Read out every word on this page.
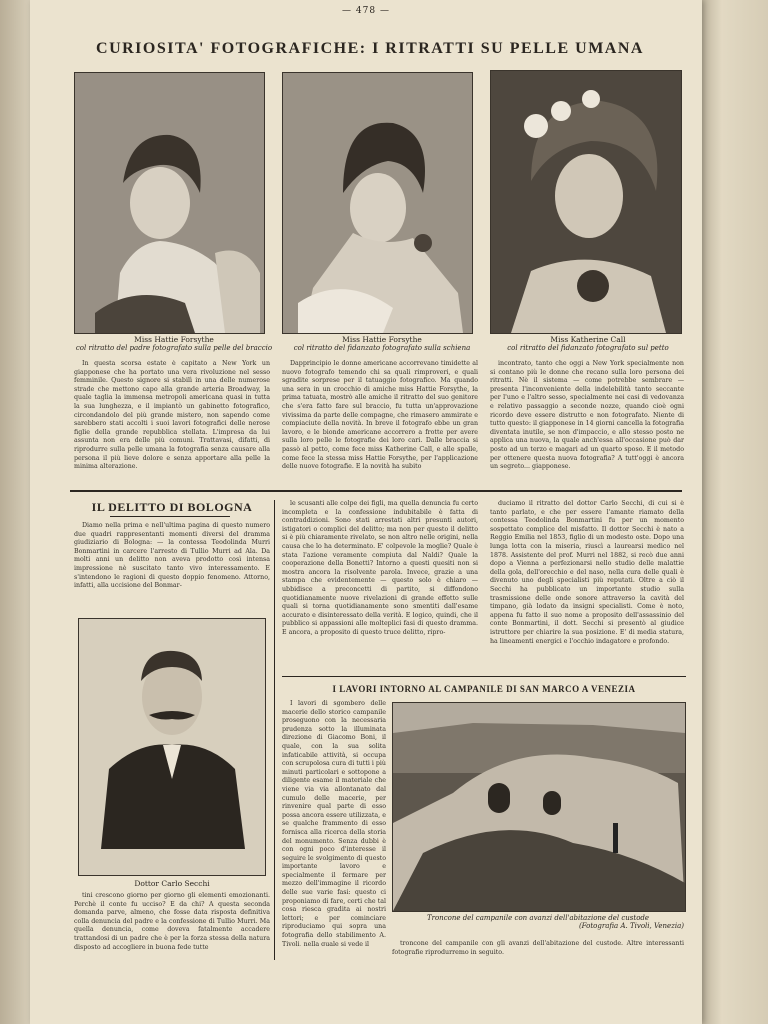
— 478 —
CURIOSITA' FOTOGRAFICHE: I RITRATTI SU PELLE UMANA
Miss Hattie Forsythe
col ritratto del padre fotografato sulla pelle del braccio
Miss Hattie Forsythe
col ritratto del fidanzato fotografato sulla schiena
Miss Katherine Call
col ritratto del fidanzato fotografato sul petto

In questa scorsa estate è capitato a New York un giapponese che ha portato una vera rivoluzione nel sesso femminile. Questo signore si stabilì in una delle numerose strade che mettono capo alla grande arteria Broadway, la quale taglia la immensa metropoli americana quasi in tutta la sua lunghezza, e il impiantò un gabinetto fotografico, circondandolo del più grande mistero, non sapendo come sarebbero stati accolti i suoi lavori fotografici delle nerose figlie della grande repubblica stellata. L'impresa da lui assunta non era delle più comuni. Trattavasi, difatti, di riprodurre sulla pelle umana la fotografia senza causare alla persona il più lieve dolore e senza apportare alla pelle la minima alterazione.

Dapprincipio le donne americane accorrevano timidette al nuovo fotografo temendo chi sa quali rimproveri, e quali sgradite sorprese per il tatuaggio fotografico. Ma quando una sera in un crocchio di amiche miss Hattie Forsythe, la prima tatuata, mostrò alle amiche il ritratto del suo genitore che s'era fatto fare sul braccio, fu tutta un'approvazione vivissima da parte delle compagne, che rimasero ammirate e compiaciute della novità. In breve il fotografo ebbe un gran lavoro, e le bionde americane accorrero a frotte per avere sulla loro pelle le fotografie dei loro cari. Dalle braccia si passò al petto, come fece miss Katherine Call, e alle spalle, come fece la stessa miss Hattie Forsythe, per l'applicazione delle nuove fotografie. E la novità ha subito

incontrato, tanto che oggi a New York specialmente non si contano più le donne che recano sulla loro persona dei ritratti. Nè il sistema — come potrebbe sembrare — presenta l'inconveniente della indelebilità tanto seccante per l'uno e l'altro sesso, specialmente nei casi di vedovanza e relativo passaggio a seconde nozze, quando cioè ogni ricordo deve essere distrutto e non fotografato. Niente di tutto questo: il giapponese in 14 giorni cancella la fotografia diventata inutile, se non d'impaccio, e allo stesso posto ne applica una nuova, la quale anch'essa all'occasione può dar posto ad un terzo e magari ad un quarto sposo. E il metodo per ottenere questa nuova fotografia? A tutt'oggi è ancora un segreto... giapponese.

IL DELITTO DI BOLOGNA

Diamo nella prima e nell'ultima pagina di questo numero due quadri rappresentanti momenti diversi del dramma giudiziario di Bologna: — la contessa Teodolinda Murri Bonmartini in carcere l'arresto di Tullio Murri ad Ala. Da molti anni un delitto non aveva prodotto così intensa impressione nè suscitato tanto vivo interessamento. E s'intendono le ragioni di questo doppio fenomeno. Attorno, infatti, alla uccisione del Bonmar-

Dottor Carlo Secchi

tini crescono giorno per giorno gli elementi emozionanti. Perchè il conte fu ucciso? E da chi? A questa seconda domanda parve, almeno, che fosse data risposta definitiva colla denuncia del padre e la confessione di Tullio Murri. Ma quella denuncia, come doveva fatalmente accadere trattandosi di un padre che è per la forza stessa della natura disposto ad accogliere in buona fede tutte

le scusanti alle colpe dei figli, ma quella denuncia fu certo incompleta e la confessione indubitabile è fatta di contraddizioni. Sono stati arrestati altri presunti autori, istigatori o complici del delitto; ma non per questo il delitto si è più chiaramente rivelato, se non altro nelle origini, nella causa che lo ha determinato. E' colpevole la moglie? Quale è stata l'azione veramente compiuta dal Naldi? Quale la cooperazione della Bonetti? Intorno a questi quesiti non si mostra ancora la risolvente parola. Invece, grazie a una stampa che evidentemente — questo solo è chiaro — ubbidisce a preconcetti di partito, si diffondono quotidianamente nuove rivelazioni di grande effetto sulle quali si torna quotidianamente sono smentiti dall'esame accurato e disinteressato della verità. E logico, quindi, che il pubblico si appassioni alle molteplici fasi di questo dramma. E ancora, a proposito di questo truce delitto, ripro-

duciamo il ritratto del dottor Carlo Secchi, di cui si è tanto parlato, e che per essere l'amante riamato della contessa Teodolinda Bonmartini fu per un momento sospettato complice del misfatto. Il dottor Secchi è nato a Reggio Emilia nel 1853, figlio di un modesto oste. Dopo una lunga lotta con la miseria, riuscì a laurearsi medico nel 1878. Assistente del prof. Murri nel 1882, si recò due anni dopo a Vienna a perfezionarsi nello studio delle malattie della gola, dell'orecchio e del naso, nella cura delle quali è divenuto uno degli specialisti più reputati. Oltre a ciò il Secchi ha pubblicato un importante studio sulla trasmissione delle onde sonore attraverso la cavità del timpano, già lodato da insigni specialisti. Come è noto, appena fu fatto il suo nome a proposito dell'assassinio del conte Bonmartini, il dott. Secchi si presentò al giudice istruttore per chiarire la sua posizione. E' di media statura, ha lineamenti energici e l'occhio indagatore e profondo.

I LAVORI INTORNO AL CAMPANILE DI SAN MARCO A VENEZIA

I lavori di sgombero delle macerie dello storico campanile proseguono con la necessaria prudenza sotto la illuminata direzione di Giacomo Boni, il quale, con la sua solita infaticabile attività, si occupa con scrupolosa cura di tutti i più minuti particolari e sottopone a diligente esame il materiale che viene via via allontanato dal cumulo delle macerie, per rinvenire qual parte di esso possa ancora essere utilizzata, e se qualche frammento di esso fornisca alla ricerca della storia del monumento. Senza dubbi è con ogni poco d'interesse il seguire le svolgimento di questo importante lavoro e specialmente il fermare per mezzo dell'immagine il ricordo delle sue varie fasi: questo ci proponiamo di fare, certi che tal cosa riesca gradita ai nostri lettori; e per cominciare riproduciamo qui sopra una fotografia dello stabilimento A. Tivoli, nella quale si vede il

Troncone del campanile con avanzi dell'abitazione del custode
(Fotografia A. Tivoli, Venezia)

troncone del campanile con gli avanzi dell'abitazione del custode. Altre interessanti fotografie riprodurremo in seguito.
